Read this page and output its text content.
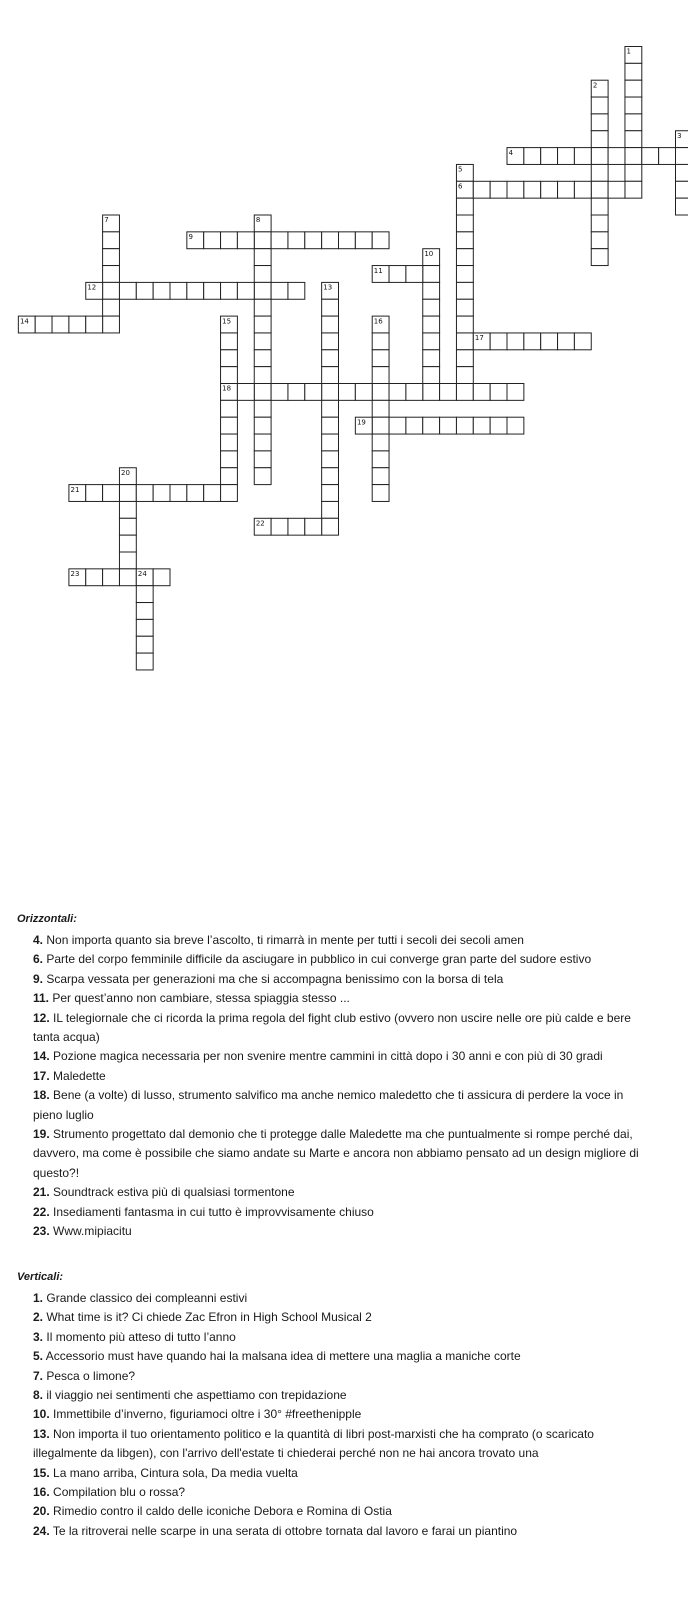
1
2
3
4
5
6
7	8
9
10
11
12	13
14	15	16
17
18
19
20
21
22
23	24
Orizzontali:
4. Non importa quanto sia breve l’ascolto, ti rimarrà in mente per tutti i secoli dei secoli amen
6. Parte del corpo femminile difficile da asciugare in pubblico in cui converge gran parte del sudore estivo
9. Scarpa vessata per generazioni ma che si accompagna benissimo con la borsa di tela
11. Per quest’anno non cambiare, stessa spiaggia stesso ...
12. IL telegiornale che ci ricorda la prima regola del fight club estivo (ovvero non uscire nelle ore più calde e bere tanta acqua)
14. Pozione magica necessaria per non svenire mentre cammini in città dopo i 30 anni e con più di 30 gradi
17. Maledette
18. Bene (a volte) di lusso, strumento salvifico ma anche nemico maledetto che ti assicura di perdere la voce in pieno luglio
19. Strumento progettato dal demonio che ti protegge dalle Maledette ma che puntualmente si rompe perché dai, davvero, ma come è possibile che siamo andate su Marte e ancora non abbiamo pensato ad un design migliore di questo?!
21. Soundtrack estiva più di qualsiasi tormentone
22. Insediamenti fantasma in cui tutto è improvvisamente chiuso
23. Www.mipiacitu
Verticali:
1. Grande classico dei compleanni estivi
2. What time is it? Ci chiede Zac Efron in High School Musical 2
3. Il momento più atteso di tutto l’anno
5. Accessorio must have quando hai la malsana idea di mettere una maglia a maniche corte
7. Pesca o limone?
8. il viaggio nei sentimenti che aspettiamo con trepidazione
10. Immettibile d’inverno, figuriamoci oltre i 30° #freethenipple
13. Non importa il tuo orientamento politico e la quantità di libri post-marxisti che ha comprato (o scaricato illegalmente da libgen), con l'arrivo dell'estate ti chiederai perché non ne hai ancora trovato una
15. La mano arriba, Cintura sola, Da media vuelta
16. Compilation blu o rossa?
20. Rimedio contro il caldo delle iconiche Debora e Romina di Ostia
24. Te la ritroverai nelle scarpe in una serata di ottobre tornata dal lavoro e farai un piantino
